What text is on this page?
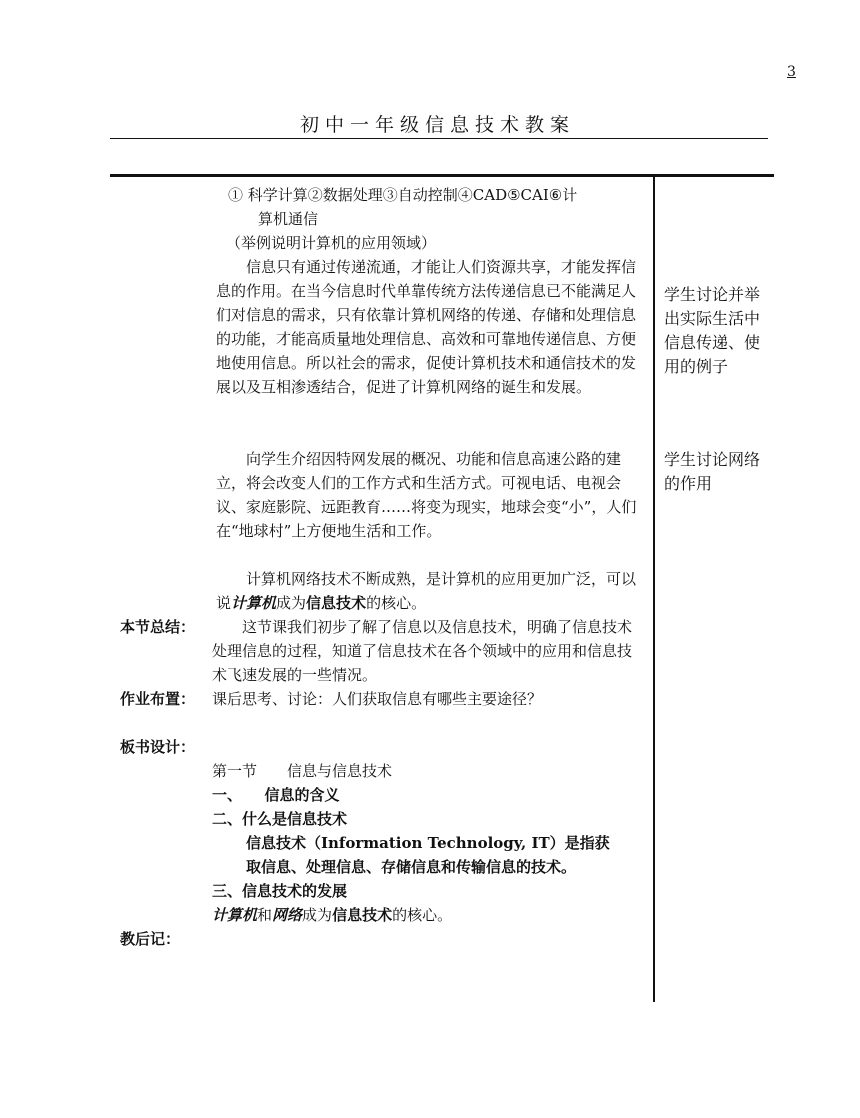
3
初中一年级信息技术教案

① 科学计算②数据处理③自动控制④CAD⑤CAI⑥计

算机通信

（举例说明计算机的应用领域）

信息只有通过传递流通，才能让人们资源共享，才能发挥信息的作用。在当今信息时代单靠传统方法传递信息已不能满足人们对信息的需求，只有依靠计算机网络的传递、存储和处理信息的功能，才能高质量地处理信息、高效和可靠地传递信息、方便地使用信息。所以社会的需求，促使计算机技术和通信技术的发展以及互相渗透结合，促进了计算机网络的诞生和发展。
向学生介绍因特网发展的概况、功能和信息高速公路的建立，将会改变人们的工作方式和生活方式。可视电话、电视会议、家庭影院、远距教育……将变为现实，地球会变“小”，人们在“地球村”上方便地生活和工作。
计算机网络技术不断成熟，是计算机的应用更加广泛，可以说计算机成为信息技术的核心。
本节总结：	这节课我们初步了解了信息以及信息技术，明确了信息技术处理信息的过程，知道了信息技术在各个领域中的应用和信息技术飞速发展的一些情况。
作业布置： 课后思考、讨论：人们获取信息有哪些主要途径？
板书设计：
第一节　　信息与信息技术
一、　　信息的含义
二、什么是信息技术
信息技术（Information Technology, IT）是指获
取信息、处理信息、存储信息和传输信息的技术。
三、信息技术的发展
计算机和网络成为信息技术的核心。
教后记：
学生讨论并举出实际生活中信息传递、使用的例子
学生讨论网络的作用
